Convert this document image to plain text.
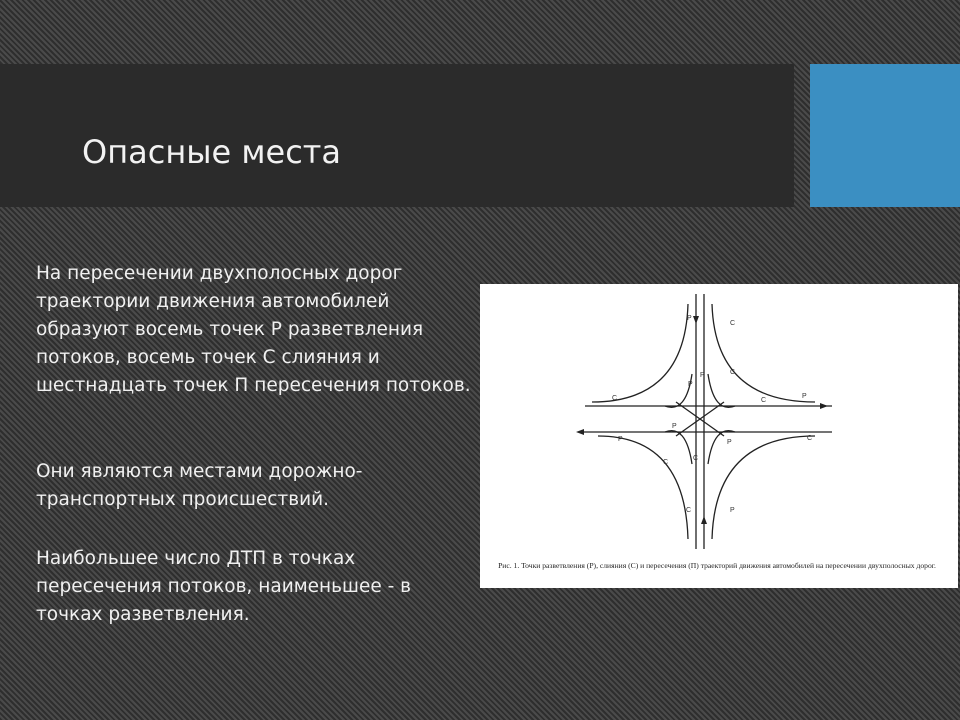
Опасные места

На пересечении двухполосных дорог траектории движения автомобилей образуют восемь точек Р разветвления потоков, восемь точек С слияния и шестнадцать точек П пересечения потоков.

Они являются местами дорожно-транспортных происшествий.

Наибольшее число ДТП в точках пересечения потоков, наименьшее - в точках разветвления.

P
C
P	C
C	P
P
C
P	C
P
C
C	P
P
C

Рис. 1. Точки разветвления (Р), слияния (С) и пересечения (П) траекторий движения автомобилей на пересечении двухполосных дорог.
